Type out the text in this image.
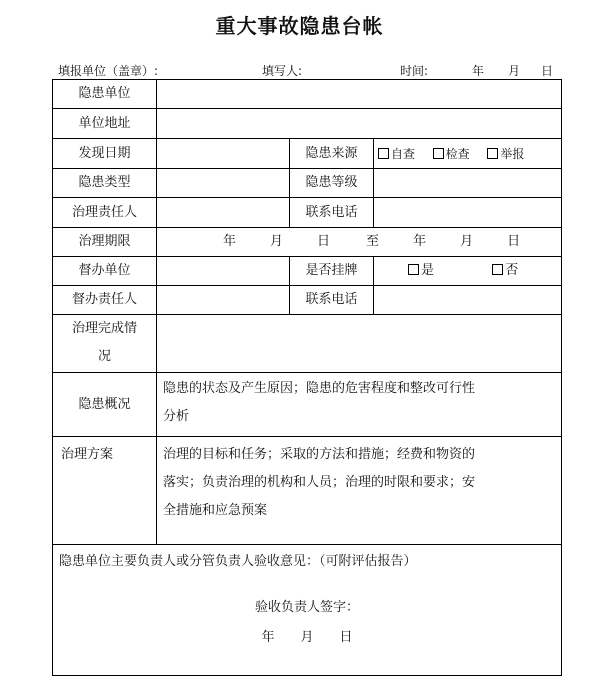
重大事故隐患台帐
填报单位（盖章）:	填写人:	时间:	年 月 日
隐患单位			
单位地址			
发现日期		隐患来源	自查 检查 举报
隐患类型		隐患等级	
治理责任人		联系电话	
治理期限	年 月 日 至 年 月 日		
督办单位		是否挂牌	是 否
督办责任人		联系电话	

治理完成情
况			

隐患概况	隐患的状态及产生原因；隐患的危害程度和整改可行性
分析		

治理方案	治理的目标和任务；采取的方法和措施；经费和物资的
落实；负责治理的机构和人员；治理的时限和要求；安
全措施和应急预案		

隐患单位主要负责人或分管负责人验收意见：（可附评估报告）
验收负责人签字：
年 月 日			
